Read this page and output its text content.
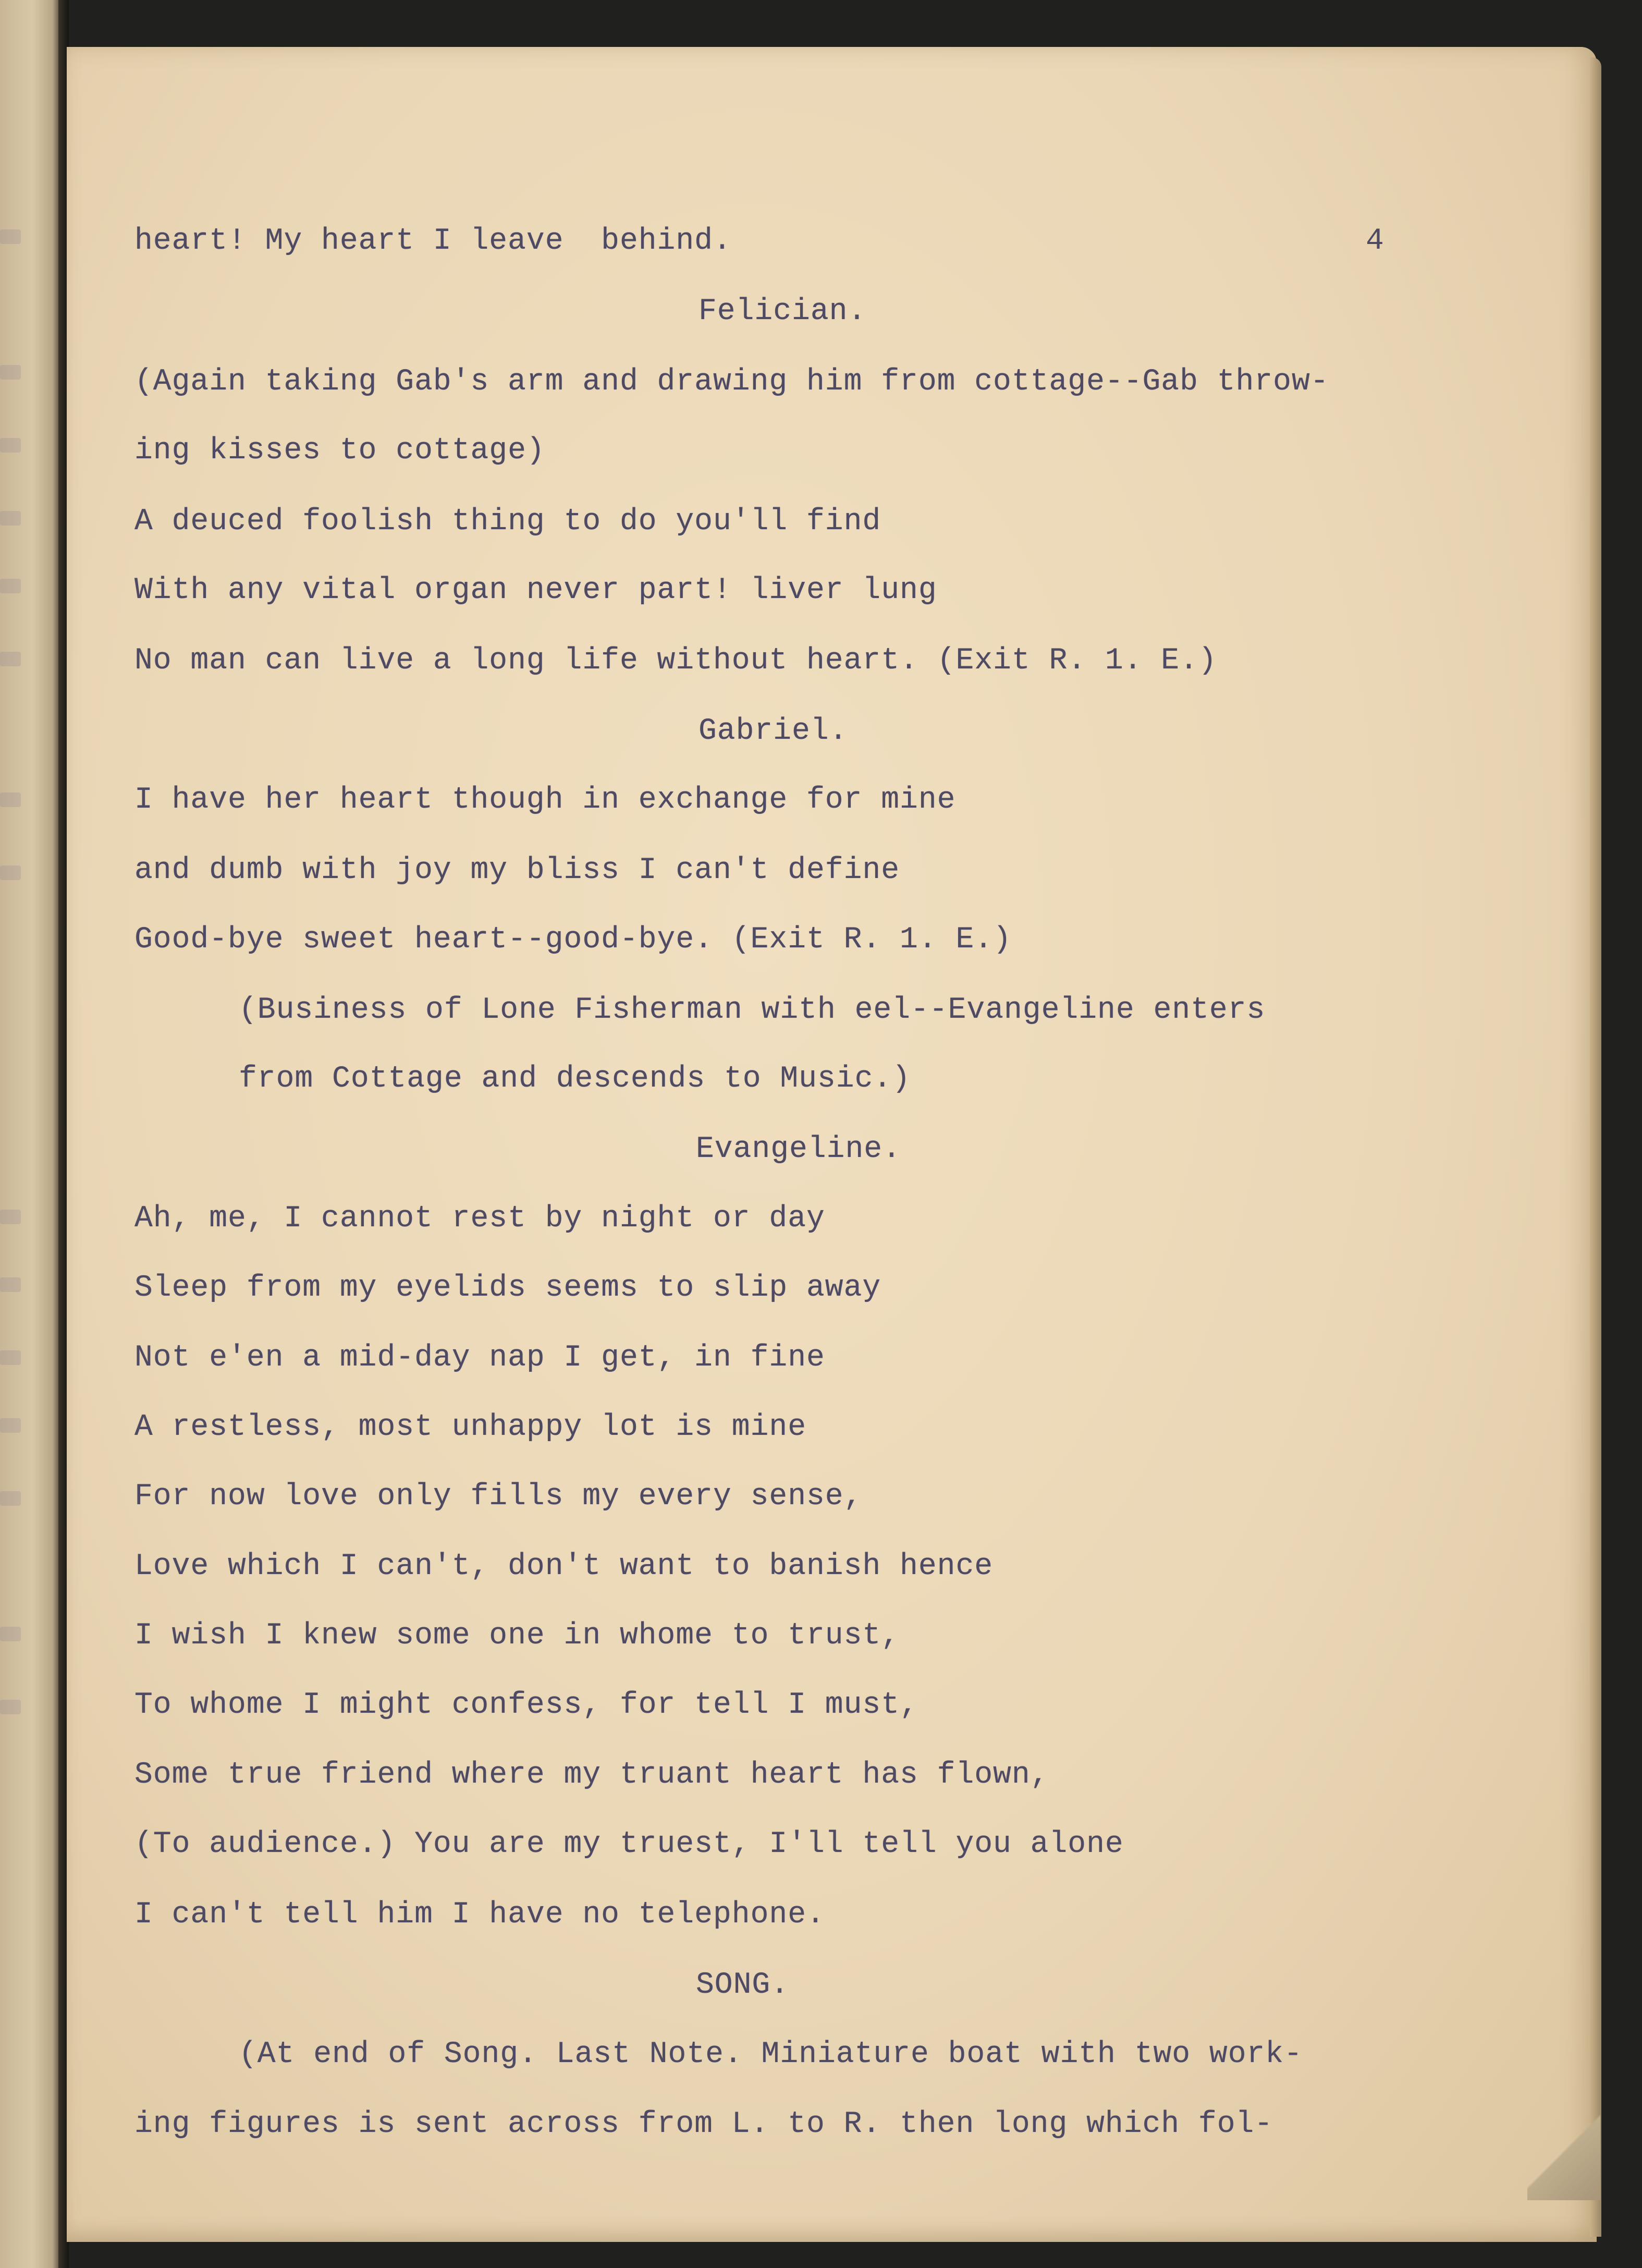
4
heart! My heart I leave  behind.
Felician.
(Again taking Gab's arm and drawing him from cottage--Gab throw-
ing kisses to cottage)
A deuced foolish thing to do you'll find
With any vital organ never part! liver lung
No man can live a long life without heart. (Exit R. 1. E.)
Gabriel.
I have her heart though in exchange for mine
and dumb with joy my bliss I can't define
Good-bye sweet heart--good-bye. (Exit R. 1. E.)
(Business of Lone Fisherman with eel--Evangeline enters
from Cottage and descends to Music.)
Evangeline.
Ah, me, I cannot rest by night or day
Sleep from my eyelids seems to slip away
Not e'en a mid-day nap I get, in fine
A restless, most unhappy lot is mine
For now love only fills my every sense,
Love which I can't, don't want to banish hence
I wish I knew some one in whome to trust,
To whome I might confess, for tell I must,
Some true friend where my truant heart has flown,
(To audience.) You are my truest, I'll tell you alone
I can't tell him I have no telephone.
SONG.
(At end of Song. Last Note. Miniature boat with two work-
ing figures is sent across from L. to R. then long which fol-
